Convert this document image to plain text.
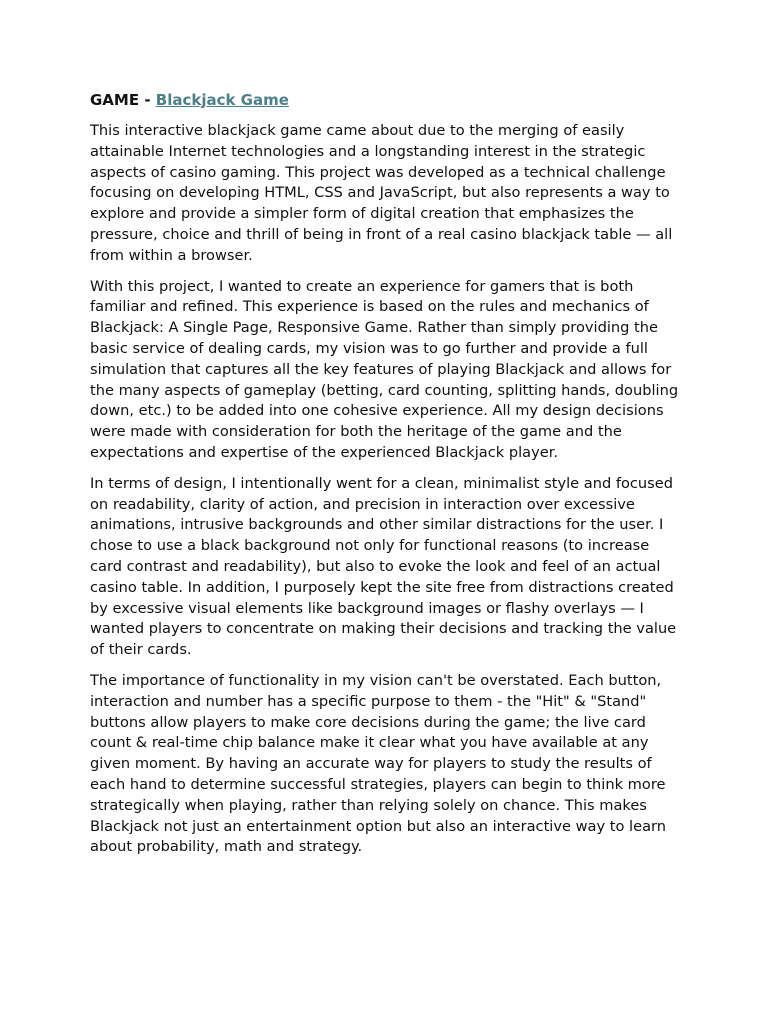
GAME - Blackjack Game

This interactive blackjack game came about due to the merging of easily attainable Internet technologies and a longstanding interest in the strategic aspects of casino gaming. This project was developed as a technical challenge focusing on developing HTML, CSS and JavaScript, but also represents a way to explore and provide a simpler form of digital creation that emphasizes the pressure, choice and thrill of being in front of a real casino blackjack table — all from within a browser.

With this project, I wanted to create an experience for gamers that is both familiar and refined. This experience is based on the rules and mechanics of Blackjack: A Single Page, Responsive Game. Rather than simply providing the basic service of dealing cards, my vision was to go further and provide a full simulation that captures all the key features of playing Blackjack and allows for the many aspects of gameplay (betting, card counting, splitting hands, doubling down, etc.) to be added into one cohesive experience. All my design decisions were made with consideration for both the heritage of the game and the expectations and expertise of the experienced Blackjack player.

In terms of design, I intentionally went for a clean, minimalist style and focused on readability, clarity of action, and precision in interaction over excessive animations, intrusive backgrounds and other similar distractions for the user. I chose to use a black background not only for functional reasons (to increase card contrast and readability), but also to evoke the look and feel of an actual casino table. In addition, I purposely kept the site free from distractions created by excessive visual elements like background images or flashy overlays — I wanted players to concentrate on making their decisions and tracking the value of their cards.

The importance of functionality in my vision can't be overstated. Each button, interaction and number has a specific purpose to them - the "Hit" & "Stand" buttons allow players to make core decisions during the game; the live card count & real-time chip balance make it clear what you have available at any given moment. By having an accurate way for players to study the results of each hand to determine successful strategies, players can begin to think more strategically when playing, rather than relying solely on chance. This makes Blackjack not just an entertainment option but also an interactive way to learn about probability, math and strategy.
